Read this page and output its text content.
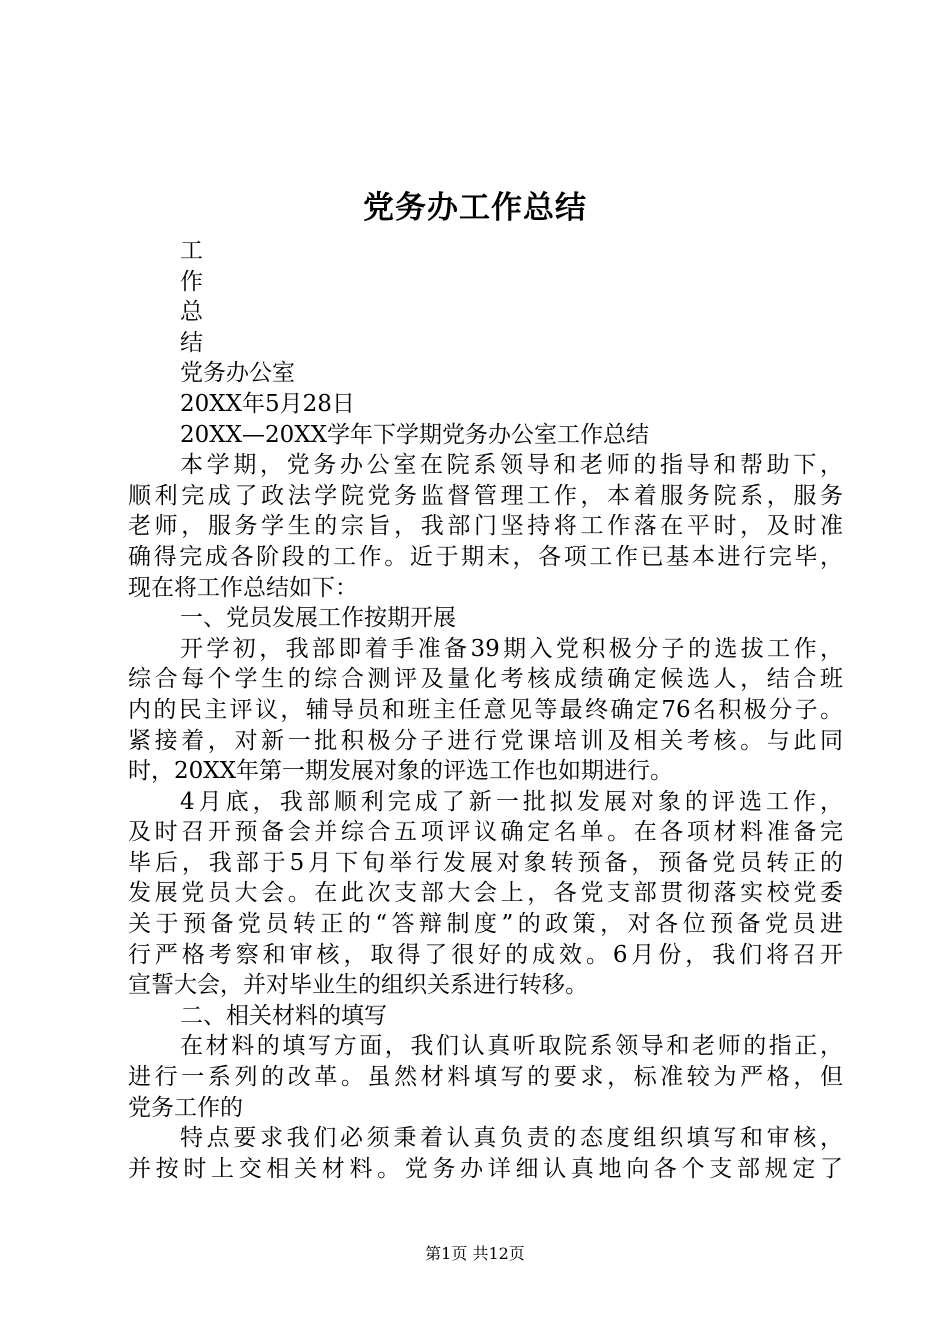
党务办工作总结
工
作
总
结
党务办公室
20XX年5月28日
20XX—20XX学年下学期党务办公室工作总结
本学期，党务办公室在院系领导和老师的指导和帮助下，
顺利完成了政法学院党务监督管理工作，本着服务院系，服务
老师，服务学生的宗旨，我部门坚持将工作落在平时，及时准
确得完成各阶段的工作。近于期末，各项工作已基本进行完毕，
现在将工作总结如下：
一、党员发展工作按期开展
开学初，我部即着手准备39期入党积极分子的选拔工作，
综合每个学生的综合测评及量化考核成绩确定候选人，结合班
内的民主评议，辅导员和班主任意见等最终确定76名积极分子。
紧接着，对新一批积极分子进行党课培训及相关考核。与此同
时，20XX年第一期发展对象的评选工作也如期进行。
4月底，我部顺利完成了新一批拟发展对象的评选工作，
及时召开预备会并综合五项评议确定名单。在各项材料准备完
毕后，我部于5月下旬举行发展对象转预备，预备党员转正的
发展党员大会。在此次支部大会上，各党支部贯彻落实校党委
关于预备党员转正的“答辩制度”的政策，对各位预备党员进
行严格考察和审核，取得了很好的成效。6月份，我们将召开
宣誓大会，并对毕业生的组织关系进行转移。
二、相关材料的填写
在材料的填写方面，我们认真听取院系领导和老师的指正，
进行一系列的改革。虽然材料填写的要求，标准较为严格，但
党务工作的
特点要求我们必须秉着认真负责的态度组织填写和审核，
并按时上交相关材料。党务办详细认真地向各个支部规定了
第1页 共12页
